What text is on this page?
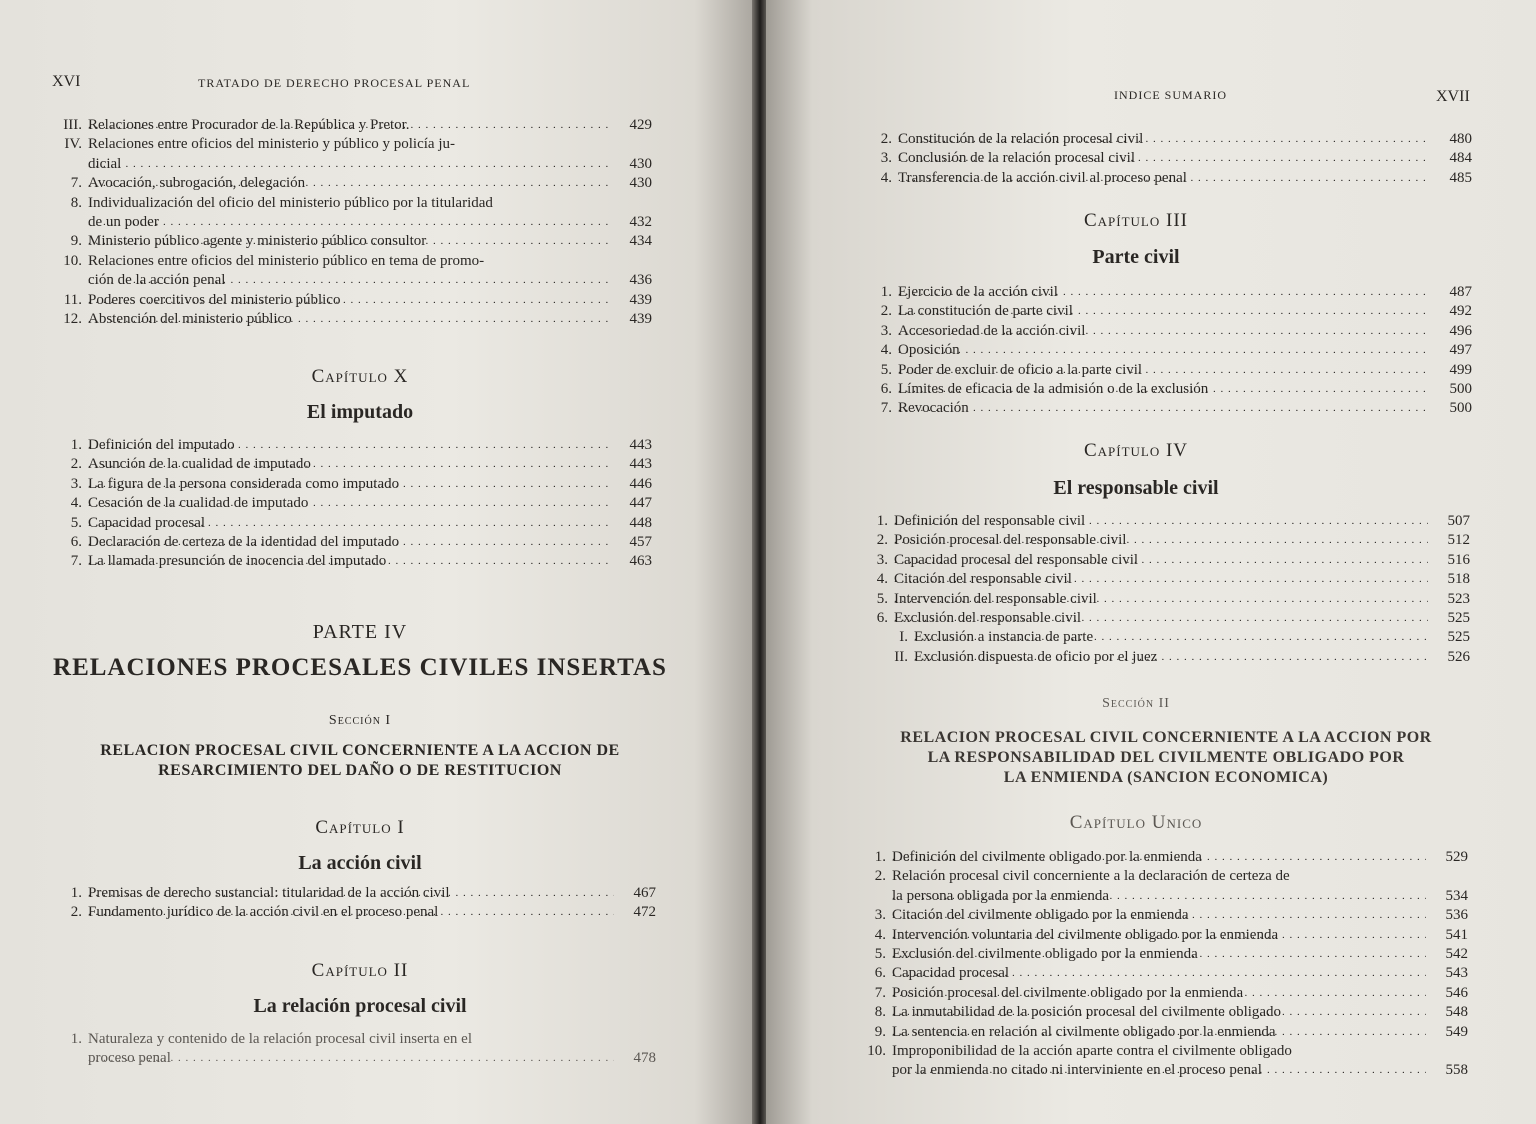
XVI	TRATADO DE DERECHO PROCESAL PENAL
III. Relaciones entre Procurador de la República y Pretor. . . .	429
IV. Relaciones entre oficios del ministerio y público y policía ju-
dicial . . .	430
7. Avocación, subrogación, delegación . . .	430
8. Individualización del oficio del ministerio público por la titularidad
de un poder . . .	432
9. Ministerio público agente y ministerio público consultor . . .	434
10. Relaciones entre oficios del ministerio público en tema de promo-
ción de la acción penal . . .	436
11. Poderes coercitivos del ministerio público . . .	439
12. Abstención del ministerio público . . .	439
Capítulo X
El imputado
1. Definición del imputado . . .	443
2. Asunción de la cualidad de imputado . . .	443
3. La figura de la persona considerada como imputado . . .	446
4. Cesación de la cualidad de imputado . . .	447
5. Capacidad procesal . . .	448
6. Declaración de certeza de la identidad del imputado . . .	457
7. La llamada presunción de inocencia del imputado . . .	463
PARTE IV
RELACIONES PROCESALES CIVILES INSERTAS
Sección I
RELACION PROCESAL CIVIL CONCERNIENTE A LA ACCION DE
RESARCIMIENTO DEL DAÑO O DE RESTITUCION
Capítulo I
La acción civil
1. Premisas de derecho sustancial: titularidad de la acción civil . . .	467
2. Fundamento jurídico de la acción civil en el proceso penal . . .	472
Capítulo II
La relación procesal civil
1. Naturaleza y contenido de la relación procesal civil inserta en el
proceso penal . . .	478
INDICE SUMARIO	XVII
2. Constitución de la relación procesal civil . . .	480
3. Conclusión de la relación procesal civil . . .	484
4. Transferencia de la acción civil al proceso penal . . .	485
Capítulo III
Parte civil
1. Ejercicio de la acción civil . . .	487
2. La constitución de parte civil . . .	492
3. Accesoriedad de la acción civil . . .	496
4. Oposición . . .	497
5. Poder de excluir de oficio a la parte civil . . .	499
6. Límites de eficacia de la admisión o de la exclusión . . .	500
7. Revocación . . .	500
Capítulo IV
El responsable civil
1. Definición del responsable civil . . .	507
2. Posición procesal del responsable civil . . .	512
3. Capacidad procesal del responsable civil . . .	516
4. Citación del responsable civil . . .	518
5. Intervención del responsable civil . . .	523
6. Exclusión del responsable civil . . .	525
I. Exclusión a instancia de parte . . .	525
II. Exclusión dispuesta de oficio por el juez . . .	526
Sección II
RELACION PROCESAL CIVIL CONCERNIENTE A LA ACCION POR
LA RESPONSABILIDAD DEL CIVILMENTE OBLIGADO POR
LA ENMIENDA (SANCION ECONOMICA)
Capítulo Unico
1. Definición del civilmente obligado por la enmienda . . .	529
2. Relación procesal civil concerniente a la declaración de certeza de
la persona obligada por la enmienda . . .	534
3. Citación del civilmente obligado por la enmienda . . .	536
4. Intervención voluntaria del civilmente obligado por la enmienda . . .	541
5. Exclusión del civilmente obligado por la enmienda . . .	542
6. Capacidad procesal . . .	543
7. Posición procesal del civilmente obligado por la enmienda . . .	546
8. La inmutabilidad de la posición procesal del civilmente obligado . . .	548
9. La sentencia en relación al civilmente obligado por la enmienda . . .	549
10. Improponibilidad de la acción aparte contra el civilmente obligado
por la enmienda no citado ni interviniente en el proceso penal . . .	558
